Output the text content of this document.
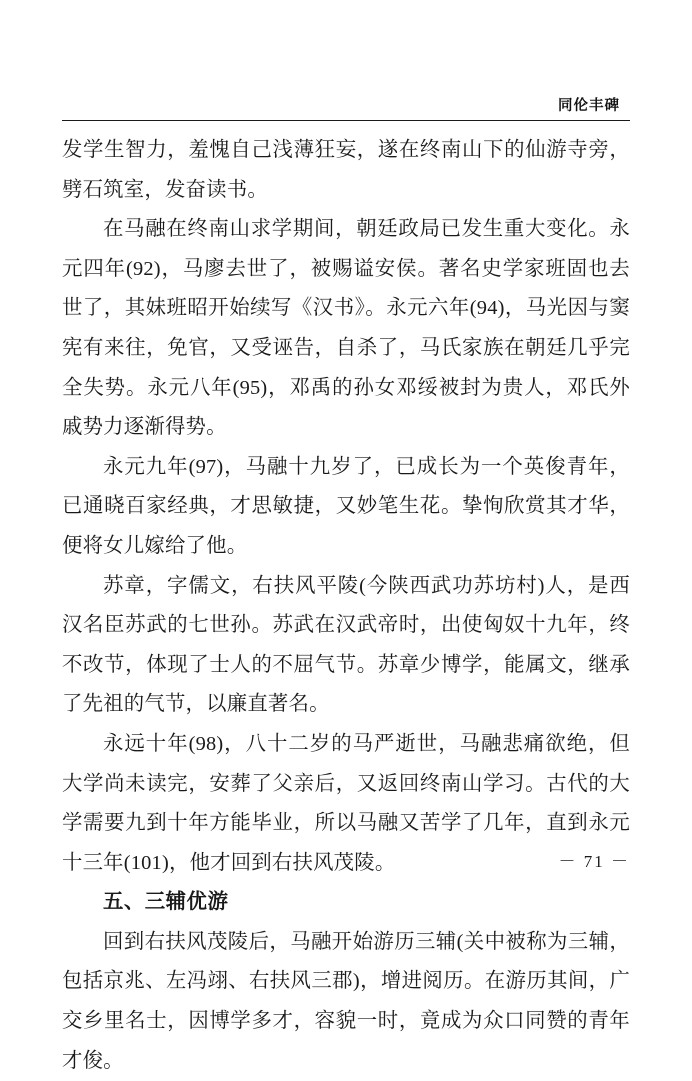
同伦丰碑

发学生智力，羞愧自己浅薄狂妄，遂在终南山下的仙游寺旁，劈石筑室，发奋读书。

在马融在终南山求学期间，朝廷政局已发生重大变化。永元四年(92)，马廖去世了，被赐谥安侯。著名史学家班固也去世了，其妹班昭开始续写《汉书》。永元六年(94)，马光因与窦宪有来往，免官，又受诬告，自杀了，马氏家族在朝廷几乎完全失势。永元八年(95)，邓禹的孙女邓绥被封为贵人，邓氏外戚势力逐渐得势。

永元九年(97)，马融十九岁了，已成长为一个英俊青年，已通晓百家经典，才思敏捷，又妙笔生花。挚恂欣赏其才华，便将女儿嫁给了他。

苏章，字儒文，右扶风平陵(今陕西武功苏坊村)人，是西汉名臣苏武的七世孙。苏武在汉武帝时，出使匈奴十九年，终不改节，体现了士人的不屈气节。苏章少博学，能属文，继承了先祖的气节，以廉直著名。

永远十年(98)，八十二岁的马严逝世，马融悲痛欲绝，但大学尚未读完，安葬了父亲后，又返回终南山学习。古代的大学需要九到十年方能毕业，所以马融又苦学了几年，直到永元十三年(101)，他才回到右扶风茂陵。

五、三辅优游

回到右扶风茂陵后，马融开始游历三辅(关中被称为三辅，包括京兆、左冯翊、右扶风三郡)，增进阅历。在游历其间，广交乡里名士，因博学多才，容貌一时，竟成为众口同赞的青年才俊。

－ 71 －
